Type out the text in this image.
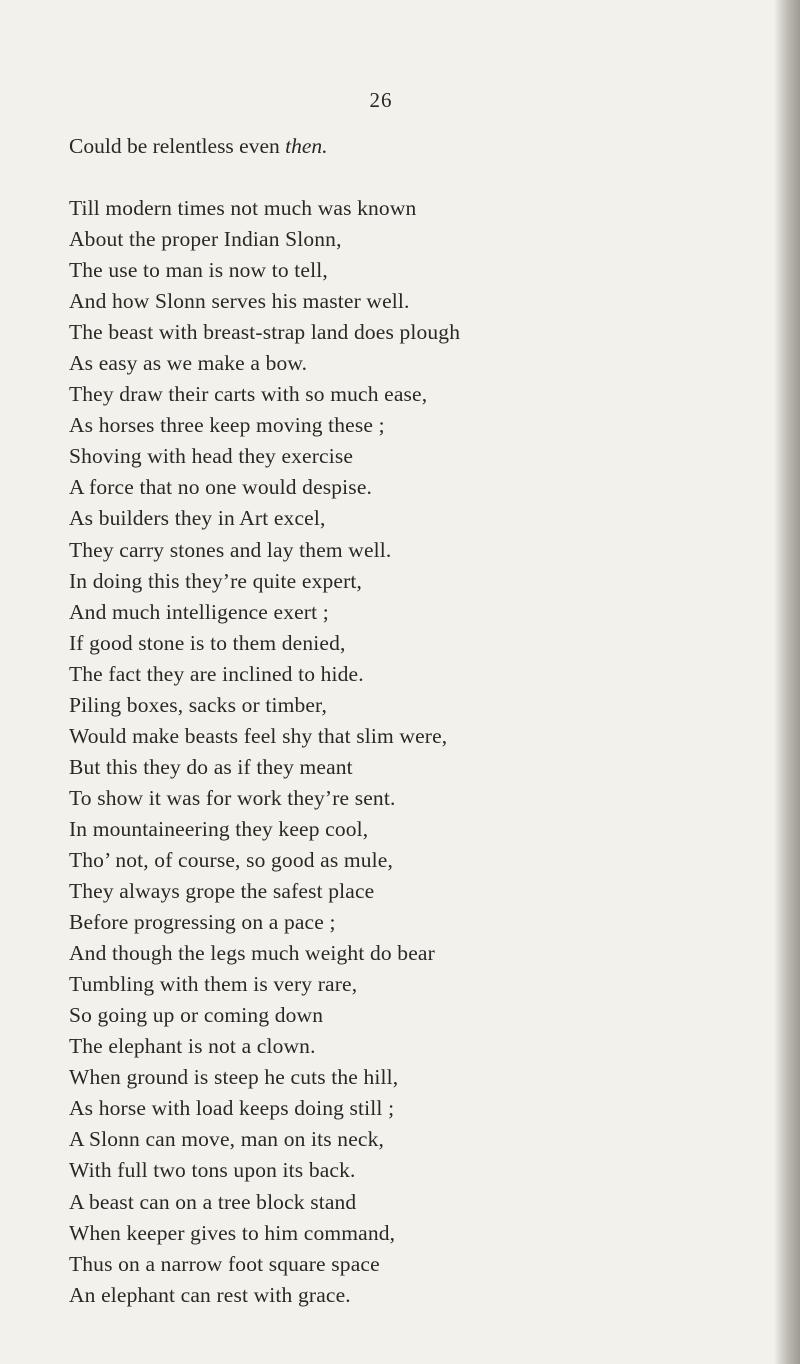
26
Could be relentless even then.
Till modern times not much was known
About the proper Indian Slonn,
The use to man is now to tell,
And how Slonn serves his master well.
The beast with breast-strap land does plough
As easy as we make a bow.
They draw their carts with so much ease,
As horses three keep moving these ;
Shoving with head they exercise
A force that no one would despise.
As builders they in Art excel,
They carry stones and lay them well.
In doing this they’re quite expert,
And much intelligence exert ;
If good stone is to them denied,
The fact they are inclined to hide.
Piling boxes, sacks or timber,
Would make beasts feel shy that slim were,
But this they do as if they meant
To show it was for work they’re sent.
In mountaineering they keep cool,
Tho’ not, of course, so good as mule,
They always grope the safest place
Before progressing on a pace ;
And though the legs much weight do bear
Tumbling with them is very rare,
So going up or coming down
The elephant is not a clown.
When ground is steep he cuts the hill,
As horse with load keeps doing still ;
A Slonn can move, man on its neck,
With full two tons upon its back.
A beast can on a tree block stand
When keeper gives to him command,
Thus on a narrow foot square space
An elephant can rest with grace.
